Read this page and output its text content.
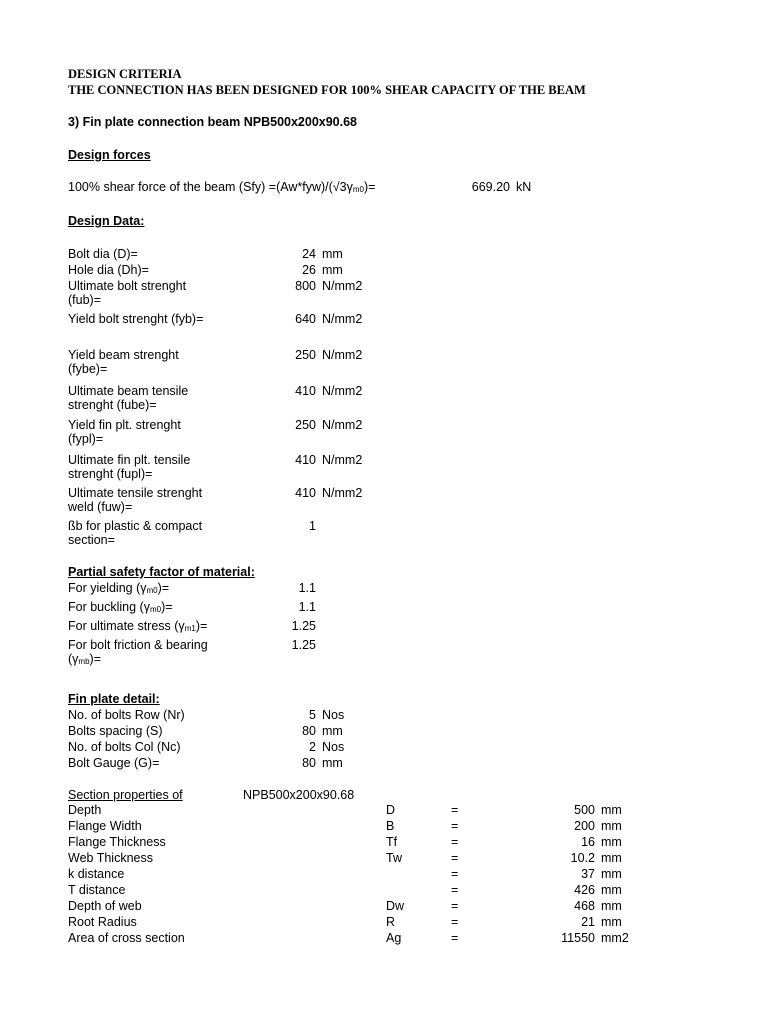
DESIGN CRITERIA
THE CONNECTION HAS BEEN DESIGNED FOR 100% SHEAR CAPACITY OF THE BEAM
3) Fin plate connection beam NPB500x200x90.68
Design forces
100% shear force of the beam (Sfy) =(Aw*fyw)/(√3γm0)=	669.20 kN
Design Data:
Bolt dia (D)=	24 mm
Hole dia (Dh)=	26 mm
Ultimate bolt strenght (fub)=
800 N/mm2
Yield bolt strenght (fyb)=	640 N/mm2
Yield beam strenght (fybe)=
250 N/mm2
Ultimate beam tensile strenght (fube)=
410 N/mm2
Yield fin plt. strenght (fypl)=
250 N/mm2
Ultimate fin plt. tensile strenght (fupl)=
410 N/mm2
Ultimate tensile strenght weld (fuw)=
410 N/mm2
ßb for plastic & compact section=
1
Partial safety factor of material:
For yielding (γm0)=	1.1
For buckling (γm0)=	1.1
For ultimate stress (γm1)=	1.25
For bolt friction & bearing (γmb)=
1.25
Fin plate detail:
No. of bolts Row (Nr)	5 Nos
Bolts spacing (S)	80 mm
No. of bolts Col (Nc)	2 Nos
Bolt Gauge (G)=	80 mm
Section properties of	NPB500x200x90.68
Depth	D	=	500 mm
Flange Width	B	=	200 mm
Flange Thickness	Tf	=	16 mm
Web Thickness	Tw	=	10.2 mm
k distance	=	37 mm
T distance	=	426 mm
Depth of web	Dw	=	468 mm
Root Radius	R	=	21 mm
Area of cross section	Ag	=	11550 mm2
